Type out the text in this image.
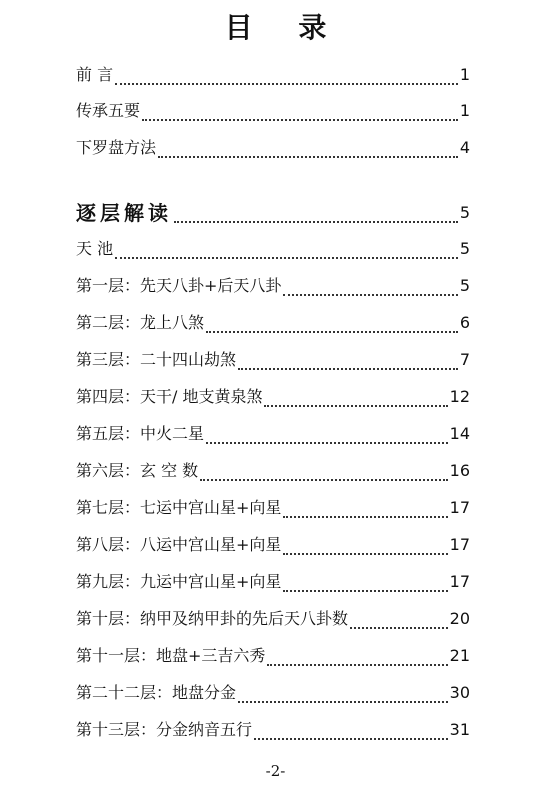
目 录
前 言	1
传承五要	1
下罗盘方法	4
逐层解读	5
天 池	5
第一层：先天八卦+后天八卦	5
第二层：龙上八煞	6
第三层：二十四山劫煞	7
第四层：天干/ 地支黄泉煞	12
第五层：中火二星	14
第六层：玄 空 数	16
第七层：七运中宫山星+向星	17
第八层：八运中宫山星+向星	17
第九层：九运中宫山星+向星	17
第十层：纳甲及纳甲卦的先后天八卦数	20
第十一层：地盘+三吉六秀	21
第二十二层：地盘分金	30
第十三层：分金纳音五行	31
-2-
